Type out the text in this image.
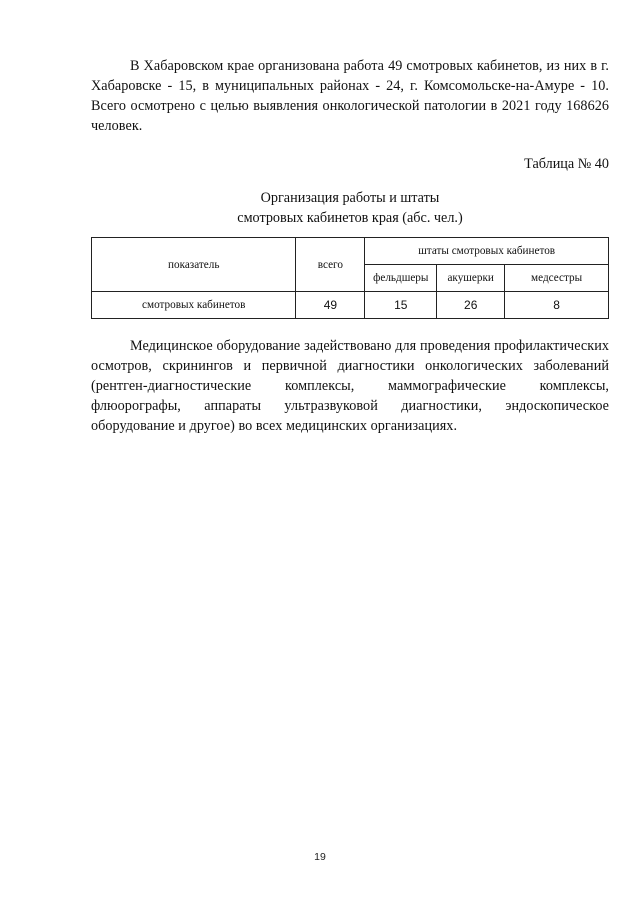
В Хабаровском крае организована работа 49 смотровых кабинетов, из них в г. Хабаровске - 15, в муниципальных районах - 24, г. Комсомольске-на-Амуре - 10. Всего осмотрено с целью выявления онкологической патологии в 2021 году 168626 человек.

Таблица № 40
Организация работы и штаты
смотровых кабинетов края (абс. чел.)
показатель	всего	штаты смотровых кабинетов		
		фельдшеры	акушерки	медсестры
смотровых кабинетов	49	15	26	8

Медицинское оборудование задействовано для проведения профилактических осмотров, скринингов и первичной диагностики онкологических заболеваний (рентген-диагностические комплексы, маммографические комплексы, флюорографы, аппараты ультразвуковой диагностики, эндоскопическое оборудование и другое) во всех медицинских организациях.

19
